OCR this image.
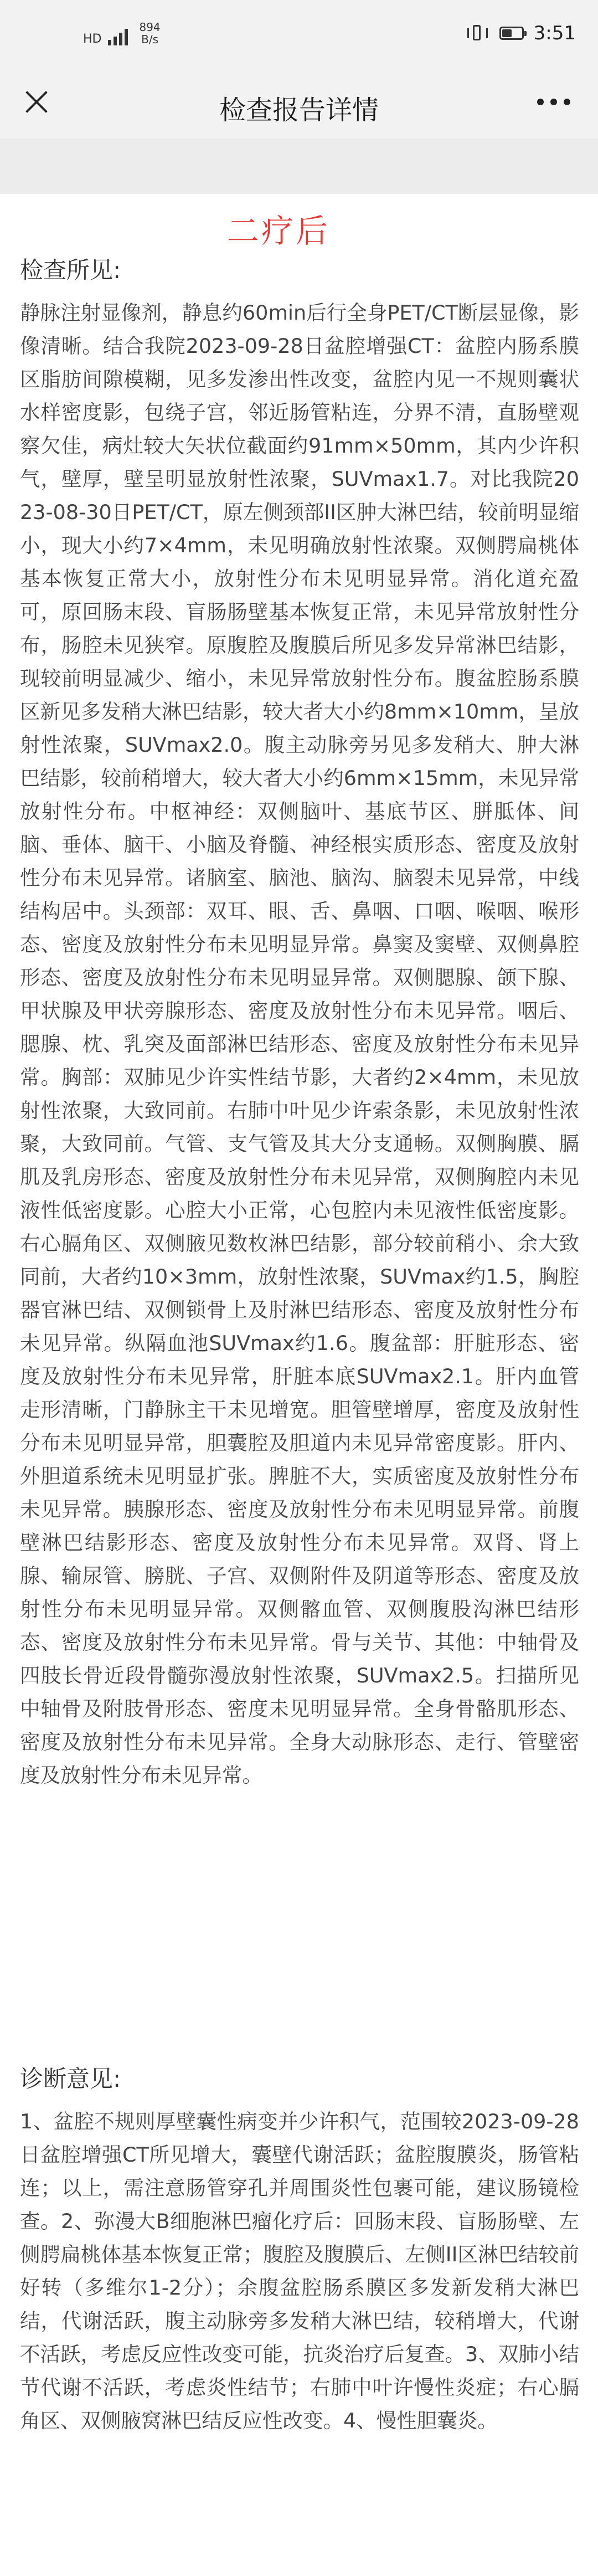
HD
894
B/s	3:51
检查报告详情
二疗后
检查所见:
静脉注射显像剂，静息约60min后行全身PET/CT断层显像，影像清晰。结合我院2023-09-28日盆腔增强CT：盆腔内肠系膜区脂肪间隙模糊，见多发渗出性改变，盆腔内见一不规则囊状水样密度影，包绕子宫，邻近肠管粘连，分界不清，直肠壁观察欠佳，病灶较大矢状位截面约91mm×50mm，其内少许积气，壁厚，壁呈明显放射性浓聚，SUVmax1.7。对比我院2023-08-30日PET/CT，原左侧颈部II区肿大淋巴结，较前明显缩小，现大小约7×4mm，未见明确放射性浓聚。双侧腭扁桃体基本恢复正常大小，放射性分布未见明显异常。消化道充盈可，原回肠末段、盲肠肠壁基本恢复正常，未见异常放射性分布，肠腔未见狭窄。原腹腔及腹膜后所见多发异常淋巴结影，现较前明显减少、缩小，未见异常放射性分布。腹盆腔肠系膜区新见多发稍大淋巴结影，较大者大小约8mm×10mm，呈放射性浓聚，SUVmax2.0。腹主动脉旁另见多发稍大、肿大淋巴结影，较前稍增大，较大者大小约6mm×15mm，未见异常放射性分布。中枢神经：双侧脑叶、基底节区、胼胝体、间脑、垂体、脑干、小脑及脊髓、神经根实质形态、密度及放射性分布未见异常。诸脑室、脑池、脑沟、脑裂未见异常，中线结构居中。头颈部：双耳、眼、舌、鼻咽、口咽、喉咽、喉形态、密度及放射性分布未见明显异常。鼻窦及窦壁、双侧鼻腔形态、密度及放射性分布未见明显异常。双侧腮腺、颌下腺、甲状腺及甲状旁腺形态、密度及放射性分布未见异常。咽后、腮腺、枕、乳突及面部淋巴结形态、密度及放射性分布未见异常。胸部：双肺见少许实性结节影，大者约2×4mm，未见放射性浓聚，大致同前。右肺中叶见少许索条影，未见放射性浓聚，大致同前。气管、支气管及其大分支通畅。双侧胸膜、膈肌及乳房形态、密度及放射性分布未见异常，双侧胸腔内未见液性低密度影。心腔大小正常，心包腔内未见液性低密度影。右心膈角区、双侧腋见数枚淋巴结影，部分较前稍小、余大致同前，大者约10×3mm，放射性浓聚，SUVmax约1.5，胸腔器官淋巴结、双侧锁骨上及肘淋巴结形态、密度及放射性分布未见异常。纵隔血池SUVmax约1.6。腹盆部：肝脏形态、密度及放射性分布未见异常，肝脏本底SUVmax2.1。肝内血管走形清晰，门静脉主干未见增宽。胆管壁增厚，密度及放射性分布未见明显异常，胆囊腔及胆道内未见异常密度影。肝内、外胆道系统未见明显扩张。脾脏不大，实质密度及放射性分布未见异常。胰腺形态、密度及放射性分布未见明显异常。前腹壁淋巴结影形态、密度及放射性分布未见异常。双肾、肾上腺、输尿管、膀胱、子宫、双侧附件及阴道等形态、密度及放射性分布未见明显异常。双侧髂血管、双侧腹股沟淋巴结形态、密度及放射性分布未见异常。骨与关节、其他：中轴骨及四肢长骨近段骨髓弥漫放射性浓聚，SUVmax2.5。扫描所见中轴骨及附肢骨形态、密度未见明显异常。全身骨骼肌形态、密度及放射性分布未见异常。全身大动脉形态、走行、管壁密度及放射性分布未见异常。
诊断意见:
1、盆腔不规则厚壁囊性病变并少许积气，范围较2023-09-28日盆腔增强CT所见增大，囊壁代谢活跃；盆腔腹膜炎，肠管粘连；以上，需注意肠管穿孔并周围炎性包裹可能，建议肠镜检查。2、弥漫大B细胞淋巴瘤化疗后：回肠末段、盲肠肠壁、左侧腭扁桃体基本恢复正常；腹腔及腹膜后、左侧II区淋巴结较前好转（多维尔1-2分）；余腹盆腔肠系膜区多发新发稍大淋巴结，代谢活跃，腹主动脉旁多发稍大淋巴结，较稍增大，代谢不活跃，考虑反应性改变可能，抗炎治疗后复查。3、双肺小结节代谢不活跃，考虑炎性结节；右肺中叶许慢性炎症；右心膈角区、双侧腋窝淋巴结反应性改变。4、慢性胆囊炎。
